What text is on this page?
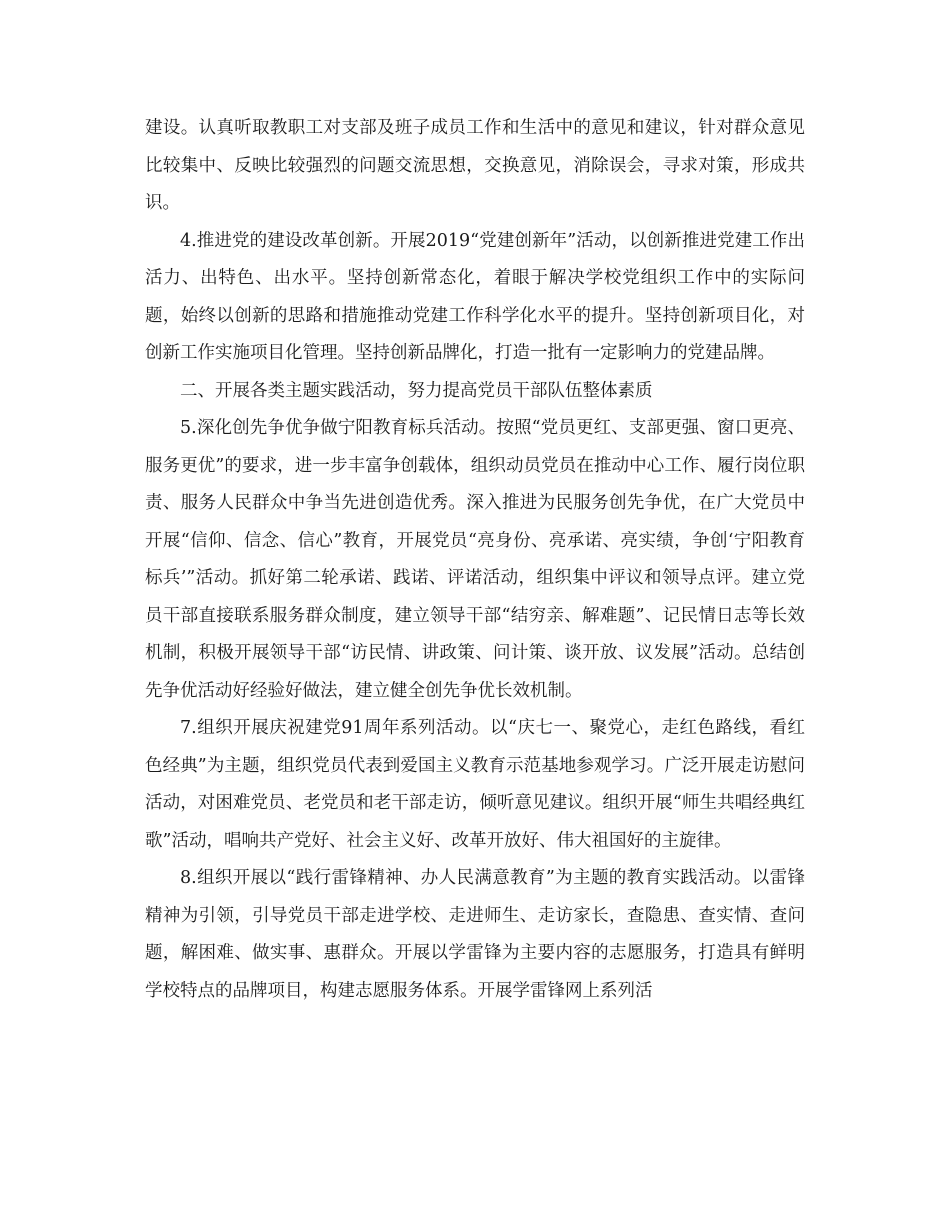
建设。认真听取教职工对支部及班子成员工作和生活中的意见和建议，针对群众意见比较集中、反映比较强烈的问题交流思想，交换意见，消除误会，寻求对策，形成共识。

4.推进党的建设改革创新。开展2019“党建创新年”活动，以创新推进党建工作出活力、出特色、出水平。坚持创新常态化，着眼于解决学校党组织工作中的实际问题，始终以创新的思路和措施推动党建工作科学化水平的提升。坚持创新项目化，对创新工作实施项目化管理。坚持创新品牌化，打造一批有一定影响力的党建品牌。

二、开展各类主题实践活动，努力提高党员干部队伍整体素质

5.深化创先争优争做宁阳教育标兵活动。按照“党员更红、支部更强、窗口更亮、服务更优”的要求，进一步丰富争创载体，组织动员党员在推动中心工作、履行岗位职责、服务人民群众中争当先进创造优秀。深入推进为民服务创先争优，在广大党员中开展“信仰、信念、信心”教育，开展党员“亮身份、亮承诺、亮实绩，争创‘宁阳教育标兵’”活动。抓好第二轮承诺、践诺、评诺活动，组织集中评议和领导点评。建立党员干部直接联系服务群众制度，建立领导干部“结穷亲、解难题”、记民情日志等长效机制，积极开展领导干部“访民情、讲政策、问计策、谈开放、议发展”活动。总结创先争优活动好经验好做法，建立健全创先争优长效机制。

7.组织开展庆祝建党91周年系列活动。以“庆七一、聚党心，走红色路线，看红色经典”为主题，组织党员代表到爱国主义教育示范基地参观学习。广泛开展走访慰问活动，对困难党员、老党员和老干部走访，倾听意见建议。组织开展“师生共唱经典红歌”活动，唱响共产党好、社会主义好、改革开放好、伟大祖国好的主旋律。

8.组织开展以“践行雷锋精神、办人民满意教育”为主题的教育实践活动。以雷锋精神为引领，引导党员干部走进学校、走进师生、走访家长，查隐患、查实情、查问题，解困难、做实事、惠群众。开展以学雷锋为主要内容的志愿服务，打造具有鲜明学校特点的品牌项目，构建志愿服务体系。开展学雷锋网上系列活
